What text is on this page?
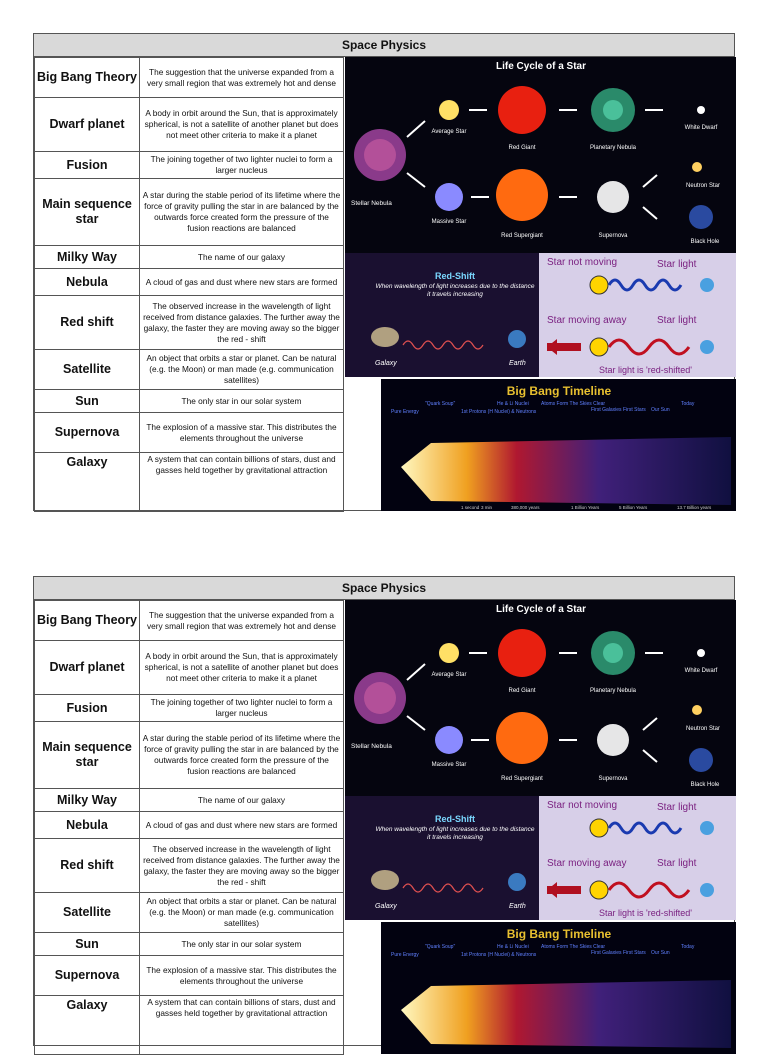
Space Physics
Big Bang Theory	The suggestion that the universe expanded from a very small region that was extremely hot and dense
Dwarf planet	A body in orbit around the Sun, that is approximately spherical, is not a satellite of another planet but does not meet other criteria to make it a planet
Fusion	The joining together of two lighter nuclei to form a larger nucleus
Main sequence star	A star during the stable period of its lifetime where the force of gravity pulling the star in are balanced by the outwards force created form the pressure of the fusion reactions are balanced
Milky Way	The name of our galaxy
Nebula	A cloud of gas and dust where new stars are formed
Red shift	The observed increase in the wavelength of light received from distance galaxies. The further away the galaxy, the faster they are moving away so the bigger the red - shift
Satellite	An object that orbits a star or planet. Can be natural (e.g. the Moon) or man made (e.g. communication satellites)
Sun	The only star in our solar system
Supernova	The explosion of a massive star. This distributes the elements throughout the universe
Galaxy	A system that can contain billions of stars, dust and gasses held together by gravitational attraction
Life Cycle of a Star
Stellar Nebula
Average Star
Red Giant	Planetary Nebula
White Dwarf
Massive Star
Red Supergiant	Supernova
Neutron Star
Black Hole
Red-Shift
When wavelength of light increases due to the distance it travels increasing
Galaxy	Earth
Star not moving	Star light
Star moving away	Star light
Star light is 'red-shifted'
Big Bang Timeline
Pure Energy
"Quark Soup"
1st Protons (H Nuclei) & Neutrons
He & Li Nuclei Atoms Form The Skies Clear
First Galaxies First Stars Our Sun
Today
1 second 3 min	380,000 years	1 Billion Years	5 Billion Years	13.7 Billion years
Space Physics
Big Bang Theory	The suggestion that the universe expanded from a very small region that was extremely hot and dense
Dwarf planet	A body in orbit around the Sun, that is approximately spherical, is not a satellite of another planet but does not meet other criteria to make it a planet
Fusion	The joining together of two lighter nuclei to form a larger nucleus
Main sequence star	A star during the stable period of its lifetime where the force of gravity pulling the star in are balanced by the outwards force created form the pressure of the fusion reactions are balanced
Milky Way	The name of our galaxy
Nebula	A cloud of gas and dust where new stars are formed
Red shift	The observed increase in the wavelength of light received from distance galaxies. The further away the galaxy, the faster they are moving away so the bigger the red - shift
Satellite	An object that orbits a star or planet. Can be natural (e.g. the Moon) or man made (e.g. communication satellites)
Sun	The only star in our solar system
Supernova	The explosion of a massive star. This distributes the elements throughout the universe
Galaxy	A system that can contain billions of stars, dust and gasses held together by gravitational attraction
Life Cycle of a Star
Stellar Nebula
Average Star
Red Giant	Planetary Nebula
White Dwarf
Massive Star
Red Supergiant	Supernova
Neutron Star
Black Hole
Red-Shift
When wavelength of light increases due to the distance it travels increasing
Galaxy	Earth
Star not moving	Star light
Star moving away	Star light
Star light is 'red-shifted'
Big Bang Timeline
Pure Energy
"Quark Soup"
1st Protons (H Nuclei) & Neutrons
He & Li Nuclei Atoms Form The Skies Clear
First Galaxies First Stars Our Sun
Today
